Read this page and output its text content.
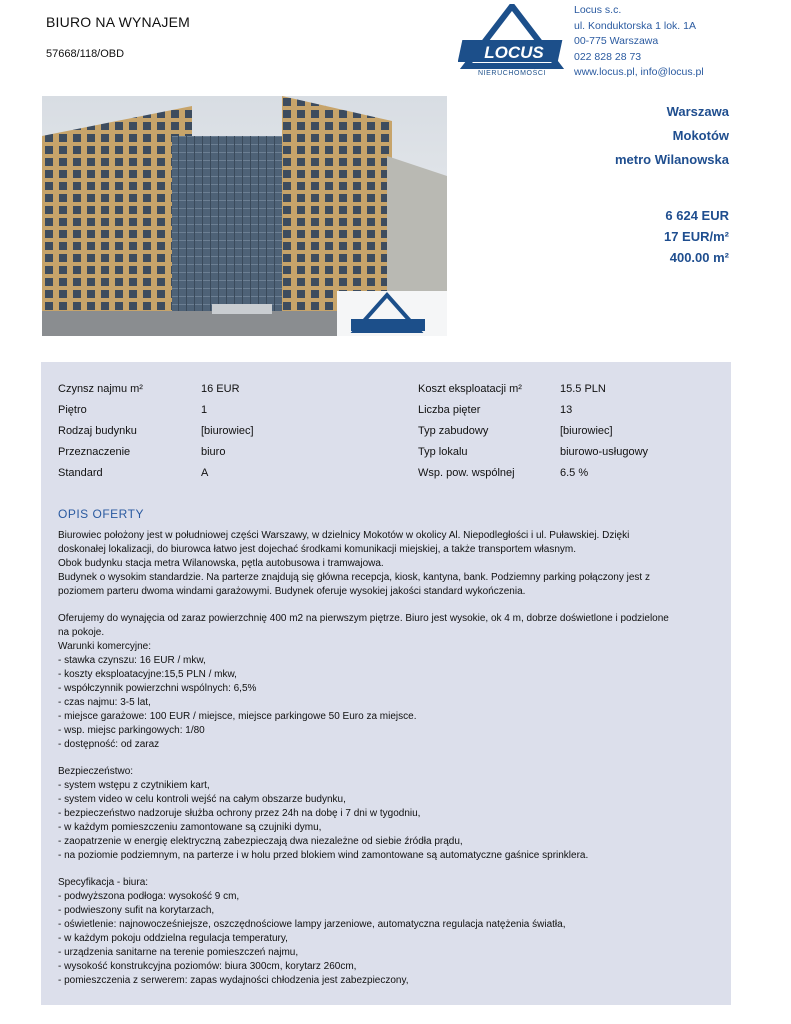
BIURO NA WYNAJEM
57668/118/OBD	LOCUS
NIERUCHOMOŚCI
Locus s.c.
ul. Konduktorska 1 lok. 1A
00-775 Warszawa
022 828 28 73
www.locus.pl, info@locus.pl
Warszawa
Mokotów
metro Wilanowska
6 624 EUR
17 EUR/m²
400.00 m²
Czynsz najmu m²	16 EUR	Koszt eksploatacji m²	15.5 PLN
Piętro	1	Liczba pięter	13
Rodzaj budynku	[biurowiec]	Typ zabudowy	[biurowiec]
Przeznaczenie	biuro	Typ lokalu	biurowo-usługowy
Standard	A	Wsp. pow. wspólnej	6.5 %
OPIS OFERTY

Biurowiec położony jest w południowej części Warszawy, w dzielnicy Mokotów w okolicy Al. Niepodległości i ul. Puławskiej. Dzięki

doskonałej lokalizacji, do biurowca łatwo jest dojechać środkami komunikacji miejskiej, a także transportem własnym.

Obok budynku stacja metra Wilanowska, pętla autobusowa i tramwajowa.

Budynek o wysokim standardzie. Na parterze znajdują się główna recepcja, kiosk, kantyna, bank. Podziemny parking połączony jest z

poziomem parteru dwoma windami garażowymi. Budynek oferuje wysokiej jakości standard wykończenia.

Oferujemy do wynajęcia od zaraz powierzchnię 400 m2 na pierwszym piętrze. Biuro jest wysokie, ok 4 m, dobrze doświetlone i podzielone

na pokoje.

Warunki komercyjne:

- stawka czynszu: 16 EUR / mkw,

- koszty eksploatacyjne:15,5 PLN / mkw,

- współczynnik powierzchni wspólnych: 6,5%

- czas najmu: 3-5 lat,

- miejsce garażowe: 100 EUR / miejsce, miejsce parkingowe 50 Euro za miejsce.

- wsp. miejsc parkingowych: 1/80

- dostępność: od zaraz

Bezpieczeństwo:

- system wstępu z czytnikiem kart,

- system video w celu kontroli wejść na całym obszarze budynku,

- bezpieczeństwo nadzoruje służba ochrony przez 24h na dobę i 7 dni w tygodniu,

- w każdym pomieszczeniu zamontowane są czujniki dymu,

- zaopatrzenie w energię elektryczną zabezpieczają dwa niezależne od siebie źródła prądu,

- na poziomie podziemnym, na parterze i w holu przed blokiem wind zamontowane są automatyczne gaśnice sprinklera.

Specyfikacja - biura:

- podwyższona podłoga: wysokość 9 cm,

- podwieszony sufit na korytarzach,

- oświetlenie: najnowocześniejsze, oszczędnościowe lampy jarzeniowe, automatyczna regulacja natężenia światła,

- w każdym pokoju oddzielna regulacja temperatury,

- urządzenia sanitarne na terenie pomieszczeń najmu,

- wysokość konstrukcyjna poziomów: biura 300cm, korytarz 260cm,

- pomieszczenia z serwerem: zapas wydajności chłodzenia jest zabezpieczony,
